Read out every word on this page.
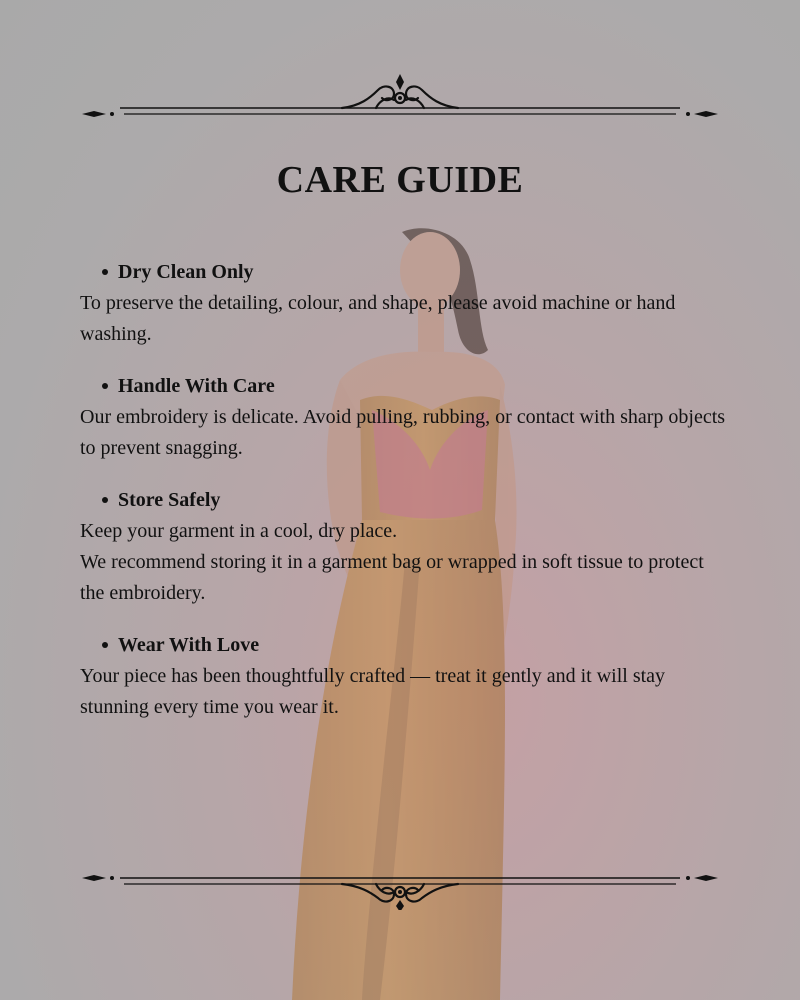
CARE GUIDE
Dry Clean Only

To preserve the detailing, colour, and shape, please avoid machine or hand washing.

Handle With Care

Our embroidery is delicate. Avoid pulling, rubbing, or contact with sharp objects to prevent snagging.

Store Safely

Keep your garment in a cool, dry place.

We recommend storing it in a garment bag or wrapped in soft tissue to protect the embroidery.

Wear With Love

Your piece has been thoughtfully crafted — treat it gently and it will stay stunning every time you wear it.
